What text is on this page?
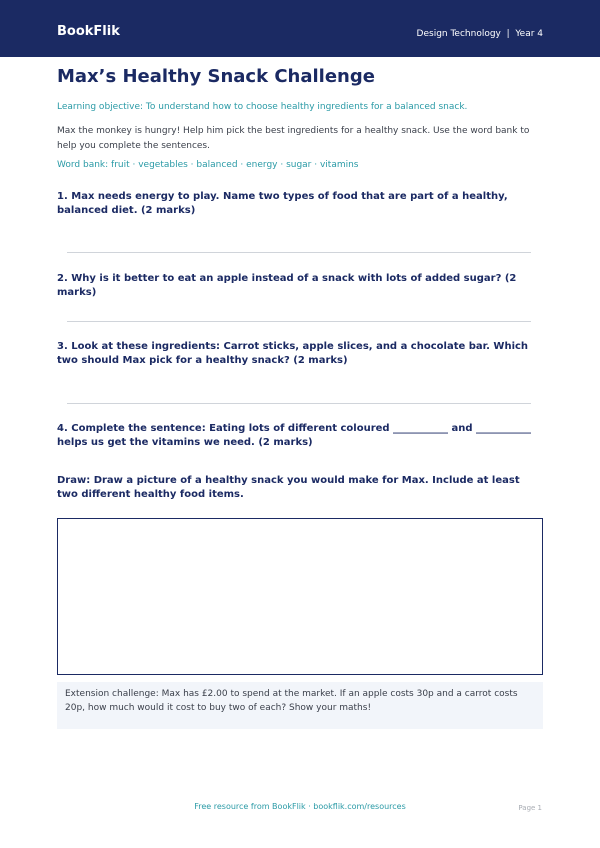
BookFlik	Design Technology  |  Year 4
Max’s Healthy Snack Challenge
Learning objective: To understand how to choose healthy ingredients for a balanced snack.
Max the monkey is hungry! Help him pick the best ingredients for a healthy snack. Use the word bank to help you complete the sentences.
Word bank: fruit · vegetables · balanced · energy · sugar · vitamins
1. Max needs energy to play. Name two types of food that are part of a healthy, balanced diet. (2 marks)
2. Why is it better to eat an apple instead of a snack with lots of added sugar? (2 marks)
3. Look at these ingredients: Carrot sticks, apple slices, and a chocolate bar. Which two should Max pick for a healthy snack? (2 marks)
4. Complete the sentence: Eating lots of different coloured ___________ and ___________ helps us get the vitamins we need. (2 marks)
Draw: Draw a picture of a healthy snack you would make for Max. Include at least two different healthy food items.
Extension challenge: Max has £2.00 to spend at the market. If an apple costs 30p and a carrot costs 20p, how much would it cost to buy two of each? Show your maths!
Free resource from BookFlik · bookflik.com/resources	Page 1
